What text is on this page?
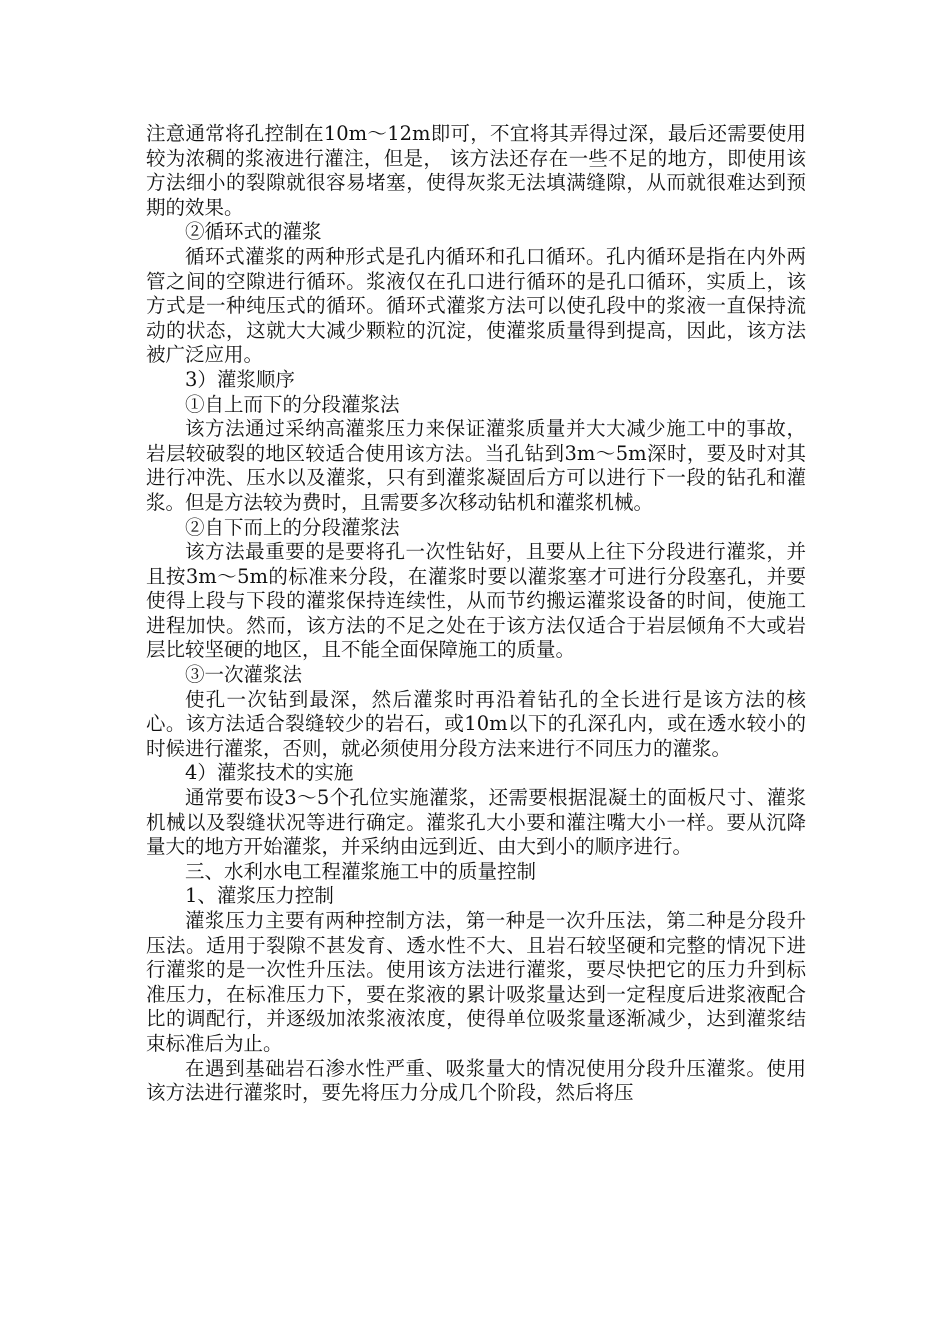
注意通常将孔控制在10m～12m即可，不宜将其弄得过深，最后还需要使用较为浓稠的浆液进行灌注，但是， 该方法还存在一些不足的地方，即使用该方法细小的裂隙就很容易堵塞，使得灰浆无法填满缝隙，从而就很难达到预期的效果。

②循环式的灌浆

循环式灌浆的两种形式是孔内循环和孔口循环。孔内循环是指在内外两管之间的空隙进行循环。浆液仅在孔口进行循环的是孔口循环，实质上，该方式是一种纯压式的循环。循环式灌浆方法可以使孔段中的浆液一直保持流动的状态，这就大大减少颗粒的沉淀，使灌浆质量得到提高，因此，该方法被广泛应用。

3）灌浆顺序

①自上而下的分段灌浆法

该方法通过采纳高灌浆压力来保证灌浆质量并大大减少施工中的事故，岩层较破裂的地区较适合使用该方法。当孔钻到3m～5m深时，要及时对其进行冲洗、压水以及灌浆，只有到灌浆凝固后方可以进行下一段的钻孔和灌浆。但是方法较为费时，且需要多次移动钻机和灌浆机械。

②自下而上的分段灌浆法

该方法最重要的是要将孔一次性钻好，且要从上往下分段进行灌浆，并且按3m～5m的标准来分段，在灌浆时要以灌浆塞才可进行分段塞孔，并要使得上段与下段的灌浆保持连续性，从而节约搬运灌浆设备的时间，使施工进程加快。然而，该方法的不足之处在于该方法仅适合于岩层倾角不大或岩层比较坚硬的地区，且不能全面保障施工的质量。

③一次灌浆法

使孔一次钻到最深，然后灌浆时再沿着钻孔的全长进行是该方法的核心。该方法适合裂缝较少的岩石，或10m以下的孔深孔内，或在透水较小的时候进行灌浆，否则，就必须使用分段方法来进行不同压力的灌浆。

4）灌浆技术的实施

通常要布设3～5个孔位实施灌浆，还需要根据混凝土的面板尺寸、灌浆机械以及裂缝状况等进行确定。灌浆孔大小要和灌注嘴大小一样。要从沉降量大的地方开始灌浆，并采纳由远到近、由大到小的顺序进行。

三、水利水电工程灌浆施工中的质量控制

1、灌浆压力控制

灌浆压力主要有两种控制方法，第一种是一次升压法，第二种是分段升压法。适用于裂隙不甚发育、透水性不大、且岩石较坚硬和完整的情况下进行灌浆的是一次性升压法。使用该方法进行灌浆，要尽快把它的压力升到标准压力，在标准压力下，要在浆液的累计吸浆量达到一定程度后进浆液配合比的调配行，并逐级加浓浆液浓度，使得单位吸浆量逐渐减少，达到灌浆结束标准后为止。

在遇到基础岩石渗水性严重、吸浆量大的情况使用分段升压灌浆。使用该方法进行灌浆时，要先将压力分成几个阶段，然后将压
